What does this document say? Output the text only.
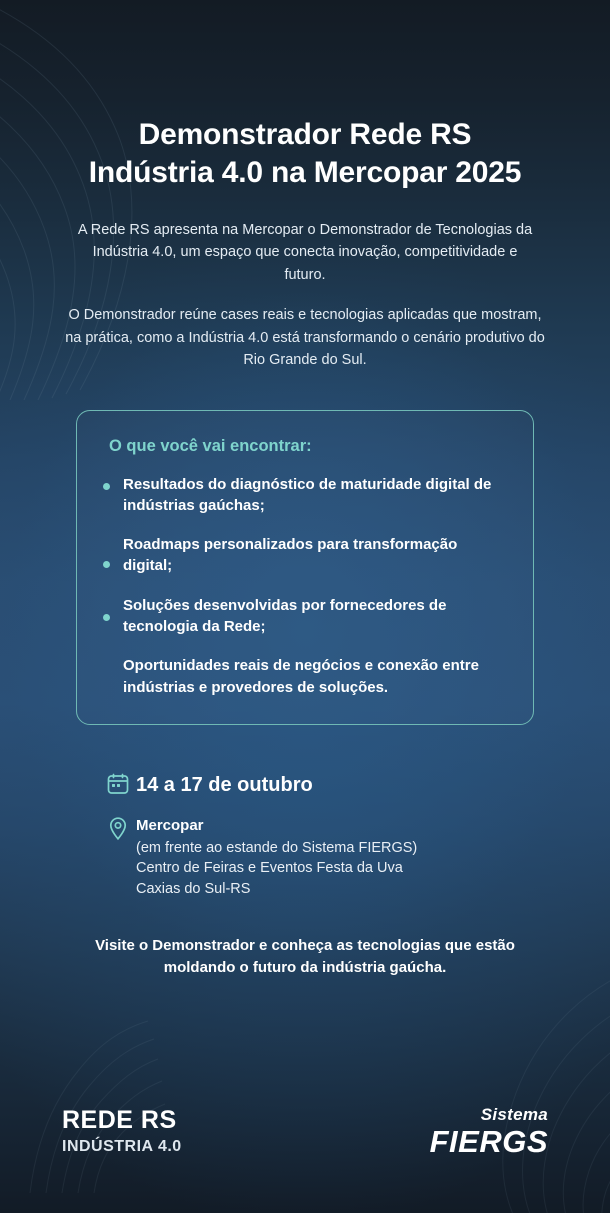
Demonstrador Rede RS
Indústria 4.0 na Mercopar 2025

A Rede RS apresenta na Mercopar o Demonstrador de Tecnologias da Indústria 4.0, um espaço que conecta inovação, competitividade e futuro.

O Demonstrador reúne cases reais e tecnologias aplicadas que mostram, na prática, como a Indústria 4.0 está transformando o cenário produtivo do Rio Grande do Sul.

O que você vai encontrar:
Resultados do diagnóstico de maturidade digital de indústrias gaúchas;
Roadmaps personalizados para transformação digital;
Soluções desenvolvidas por fornecedores de tecnologia da Rede;
Oportunidades reais de negócios e conexão entre indústrias e provedores de soluções.
14 a 17 de outubro
Mercopar
(em frente ao estande do Sistema FIERGS)
Centro de Feiras e Eventos Festa da Uva
Caxias do Sul-RS

Visite o Demonstrador e conheça as tecnologias que estão moldando o futuro da indústria gaúcha.

REDE RS
INDÚSTRIA 4.0
Sistema
FIERGS
